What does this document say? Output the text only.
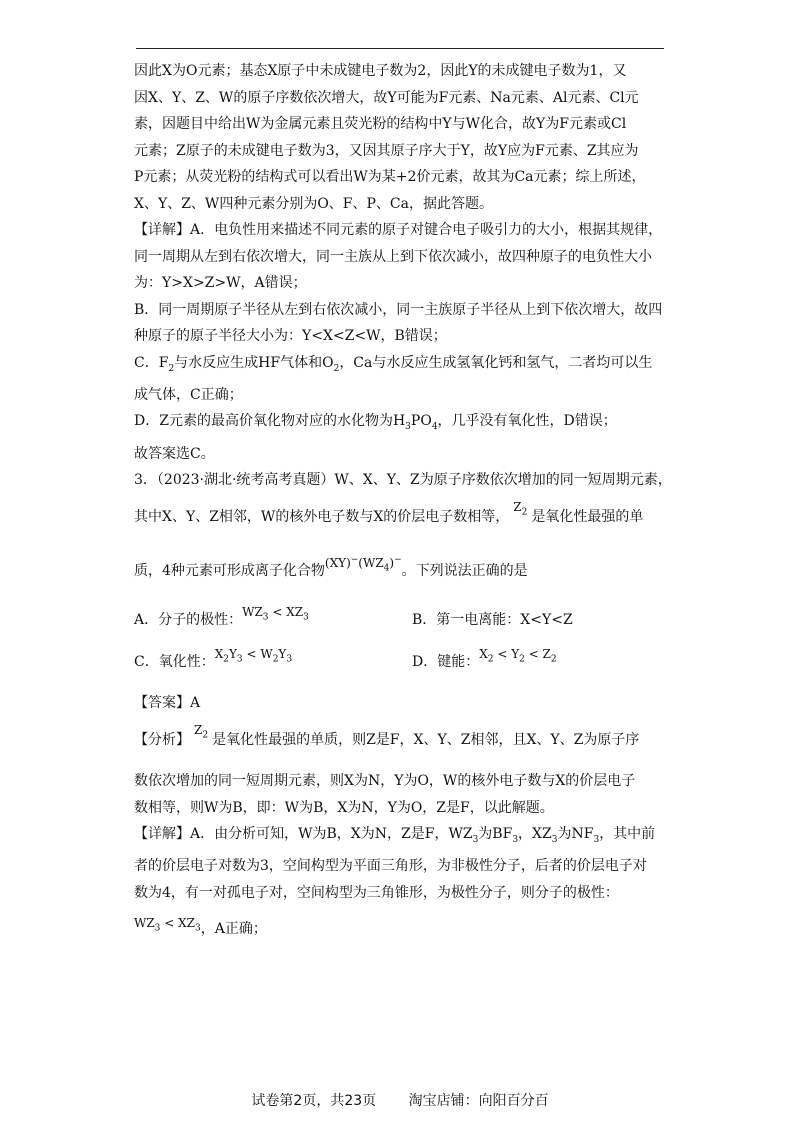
因此X为O元素；基态X原子中未成键电子数为2，因此Y的未成键电子数为1，又

因X、Y、Z、W的原子序数依次增大，故Y可能为F元素、Na元素、Al元素、Cl元

素，因题目中给出W为金属元素且荧光粉的结构中Y与W化合，故Y为F元素或Cl

元素；Z原子的未成键电子数为3，又因其原子序大于Y，故Y应为F元素、Z其应为

P元素；从荧光粉的结构式可以看出W为某+2价元素，故其为Ca元素；综上所述，

X、Y、Z、W四种元素分别为O、F、P、Ca，据此答题。

【详解】A．电负性用来描述不同元素的原子对键合电子吸引力的大小，根据其规律，

同一周期从左到右依次增大，同一主族从上到下依次减小，故四种原子的电负性大小

为：Y>X>Z>W，A错误；

B．同一周期原子半径从左到右依次减小，同一主族原子半径从上到下依次增大，故四

种原子的原子半径大小为：Y<X<Z<W，B错误；

C．$F_2$与水反应生成HF气体和$O_2$，Ca与水反应生成氢氧化钙和氢气，二者均可以生

成气体，C正确；

D．Z元素的最高价氧化物对应的水化物为$H_3PO_4$，几乎没有氧化性，D错误；

故答案选C。

3．（2023·湖北·统考高考真题）W、X、Y、Z为原子序数依次增加的同一短周期元素，

其中X、Y、Z相邻，W的核外电子数与X的价层电子数相等，$Z_2$ 是氧化性最强的单

质，4种元素可形成离子化合物$(XY)^-(WZ_4)^-$。下列说法正确的是

A．分子的极性：$WZ_3 < XZ_3$	B．第一电离能：X<Y<Z
C．氧化性：$X_2Y_3 < W_2Y_3$	D．键能：$X_2 < Y_2 < Z_2$

【答案】A

【分析】$Z_2$ 是氧化性最强的单质，则Z是F，X、Y、Z相邻，且X、Y、Z为原子序

数依次增加的同一短周期元素，则X为N，Y为O，W的核外电子数与X的价层电子

数相等，则W为B，即：W为B，X为N，Y为O，Z是F，以此解题。

【详解】A．由分析可知，W为B，X为N，Z是F，$WZ_3$为$BF_3$，$XZ_3$为$NF_3$，其中前

者的价层电子对数为3，空间构型为平面三角形，为非极性分子，后者的价层电子对

数为4，有一对孤电子对，空间构型为三角锥形，为极性分子，则分子的极性：

$WZ_3 < XZ_3$，A正确；

试卷第2页，共23页 淘宝店铺：向阳百分百
